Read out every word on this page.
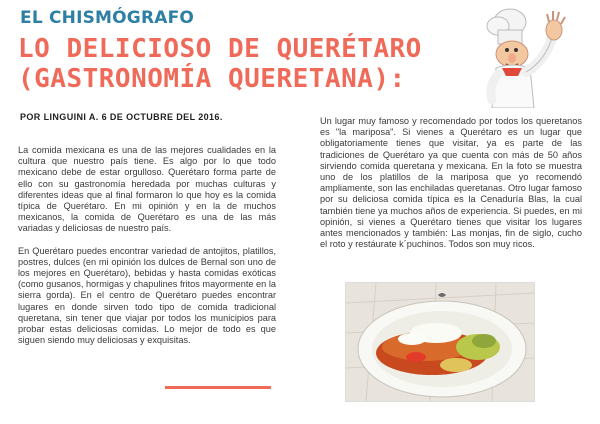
EL CHISMÓGRAFO
LO DELICIOSO DE QUERÉTARO (GASTRONOMÍA QUERETANA):
POR LINGUINI A. 6 DE OCTUBRE DEL 2016.

La comida mexicana es una de las mejores cualidades en la cultura que nuestro país tiene. Es algo por lo que todo mexicano debe de estar orgulloso. Querétaro forma parte de ello con su gastronomía heredada por muchas culturas y diferentes ideas que al final formaron lo que hoy es la comida típica de Querétaro. En mi opinión y en la de muchos mexicanos, la comida de Querétaro es una de las más variadas y deliciosas de nuestro país.

En Querétaro puedes encontrar variedad de antojitos, platillos, postres, dulces (en mi opinión los dulces de Bernal son uno de los mejores en Querétaro), bebidas y hasta comidas exóticas (como gusanos, hormigas y chapulines fritos mayormente en la sierra gorda). En el centro de Querétaro puedes encontrar lugares en donde sirven todo tipo de comida tradicional queretana, sin tener que viajar por todos los municipios para probar estas deliciosas comidas. Lo mejor de todo es que siguen siendo muy deliciosas y exquisitas.

Un lugar muy famoso y recomendado por todos los queretanos es "la mariposa". Si vienes a Querétaro es un lugar que obligatoriamente tienes que visitar, ya es parte de las tradiciones de Querétaro ya que cuenta con más de 50 años sirviendo comida queretana y mexicana. En la foto se muestra uno de los platillos de la mariposa que yo recomendó ampliamente, son las enchiladas queretanas. Otro lugar famoso por su deliciosa comida típica es la Cenaduría Blas, la cual también tiene ya muchos años de experiencia. Si puedes, en mi opinión, si vienes a Querétaro tienes que visitar los lugares antes mencionados y también: Las monjas, fin de siglo, cucho el roto y restáurate k´puchinos. Todos son muy ricos.
